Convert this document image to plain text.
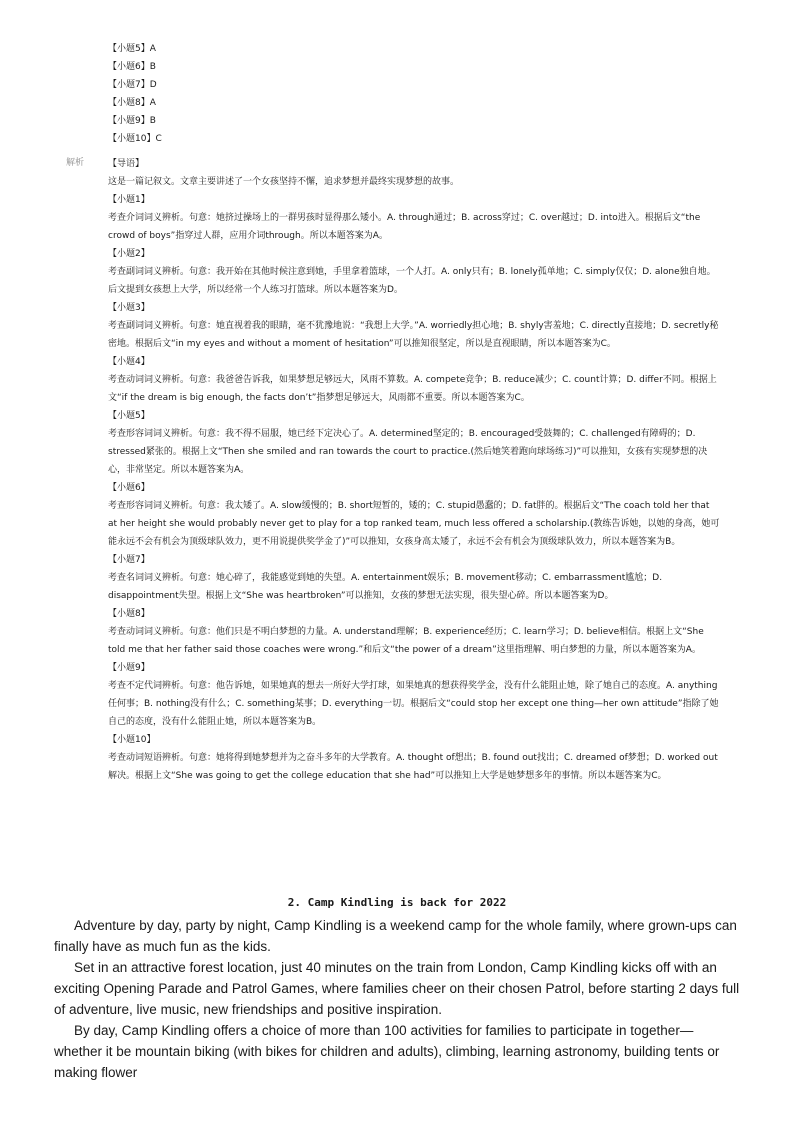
【小题5】A
【小题6】B
【小题7】D
【小题8】A
【小题9】B
【小题10】C
解析	【导语】

这是一篇记叙文。文章主要讲述了一个女孩坚持不懈，追求梦想并最终实现梦想的故事。

【小题1】

考查介词词义辨析。句意：她挤过操场上的一群男孩时显得那么矮小。A. through通过；B. across穿过；C. over越过；D. into进入。根据后文“the crowd of boys”指穿过人群，应用介词through。所以本题答案为A。

【小题2】

考查副词词义辨析。句意：我开始在其他时候注意到她，手里拿着篮球，一个人打。A. only只有；B. lonely孤单地；C. simply仅仅；D. alone独自地。后文提到女孩想上大学，所以经常一个人练习打篮球。所以本题答案为D。

【小题3】

考查副词词义辨析。句意：她直视着我的眼睛，毫不犹豫地说：“我想上大学。”A. worriedly担心地；B. shyly害羞地；C. directly直接地；D. secretly秘密地。根据后文“in my eyes and without a moment of hesitation”可以推知很坚定，所以是直视眼睛，所以本题答案为C。

【小题4】

考查动词词义辨析。句意：我爸爸告诉我，如果梦想足够远大，风雨不算数。A. compete竞争；B. reduce减少；C. count计算；D. differ不同。根据上文“if the dream is big enough, the facts don’t”指梦想足够远大，风雨都不重要。所以本题答案为C。

【小题5】

考查形容词词义辨析。句意：我不得不屈服，她已经下定决心了。A. determined坚定的；B. encouraged受鼓舞的；C. challenged有障碍的；D. stressed紧张的。根据上文“Then she smiled and ran towards the court to practice.(然后她笑着跑向球场练习)”可以推知，女孩有实现梦想的决心，非常坚定。所以本题答案为A。

【小题6】

考查形容词词义辨析。句意：我太矮了。A. slow缓慢的；B. short短暂的，矮的；C. stupid愚蠢的；D. fat胖的。根据后文“The coach told her that at her height she would probably never get to play for a top ranked team, much less offered a scholarship.(教练告诉她，以她的身高，她可能永远不会有机会为顶级球队效力，更不用说提供奖学金了)”可以推知，女孩身高太矮了，永远不会有机会为顶级球队效力，所以本题答案为B。

【小题7】

考查名词词义辨析。句意：她心碎了，我能感觉到她的失望。A. entertainment娱乐；B. movement移动；C. embarrassment尴尬；D. disappointment失望。根据上文“She was heartbroken”可以推知，女孩的梦想无法实现，很失望心碎。所以本题答案为D。

【小题8】

考查动词词义辨析。句意：他们只是不明白梦想的力量。A. understand理解；B. experience经历；C. learn学习；D. believe相信。根据上文“She told me that her father said those coaches were wrong.”和后文“the power of a dream”这里指理解、明白梦想的力量，所以本题答案为A。

【小题9】

考查不定代词辨析。句意：他告诉她，如果她真的想去一所好大学打球，如果她真的想获得奖学金，没有什么能阻止她，除了她自己的态度。A. anything任何事；B. nothing没有什么；C. something某事；D. everything一切。根据后文“could stop her except one thing—her own attitude”指除了她自己的态度，没有什么能阻止她，所以本题答案为B。

【小题10】

考查动词短语辨析。句意：她将得到她梦想并为之奋斗多年的大学教育。A. thought of想出；B. found out找出；C. dreamed of梦想；D. worked out解决。根据上文“She was going to get the college education that she had”可以推知上大学是她梦想多年的事情。所以本题答案为C。

2. Camp Kindling is back for 2022

Adventure by day, party by night, Camp Kindling is a weekend camp for the whole family, where grown-ups can finally have as much fun as the kids.

Set in an attractive forest location, just 40 minutes on the train from London, Camp Kindling kicks off with an exciting Opening Parade and Patrol Games, where families cheer on their chosen Patrol, before starting 2 days full of adventure, live music, new friendships and positive inspiration.

By day, Camp Kindling offers a choice of more than 100 activities for families to participate in together—whether it be mountain biking (with bikes for children and adults), climbing, learning astronomy, building tents or making flower
